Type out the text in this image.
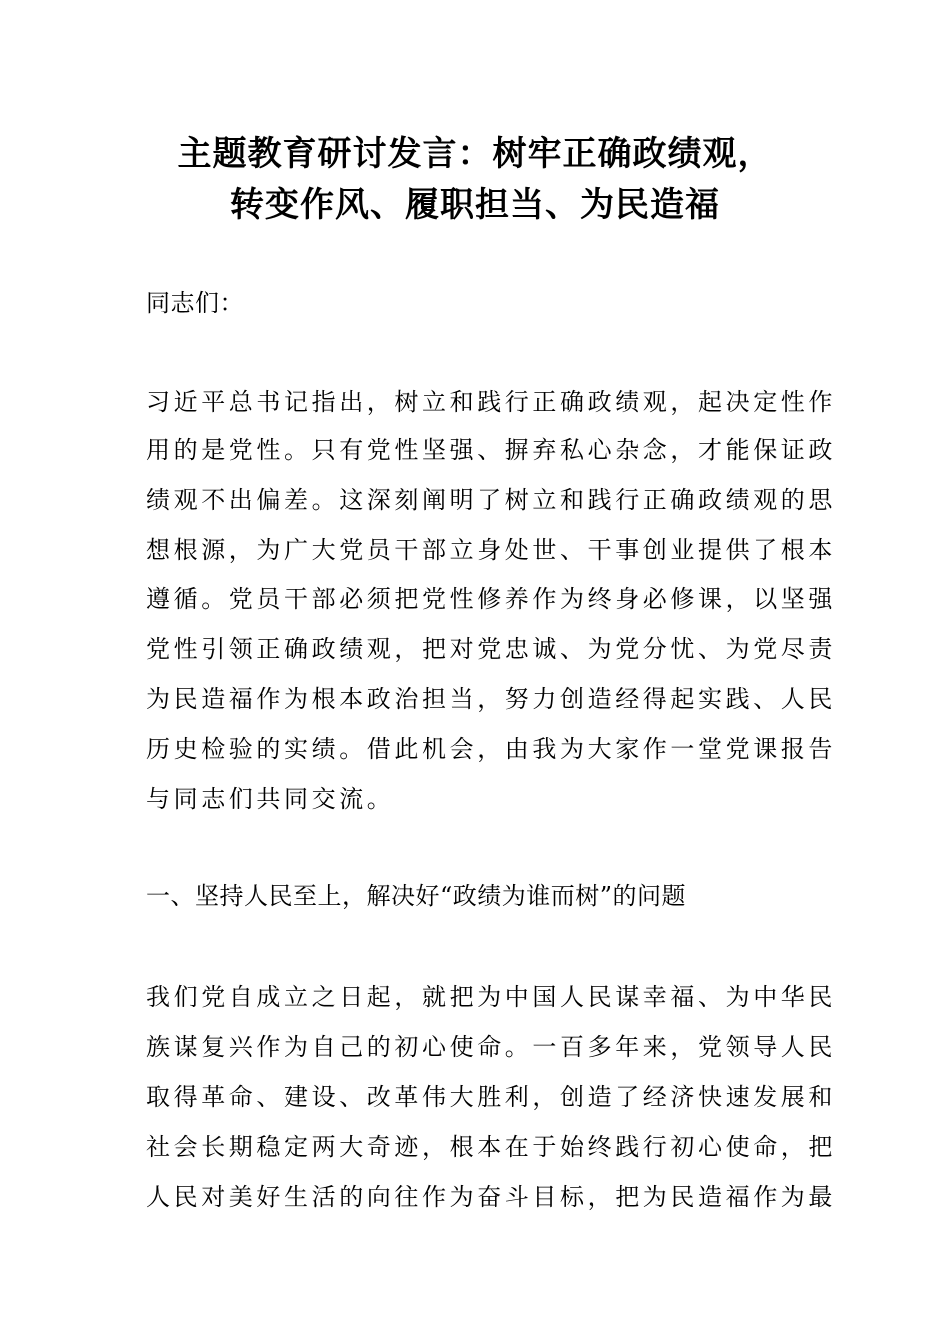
主题教育研讨发言：树牢正确政绩观，
转变作风、履职担当、为民造福
同志们：
习近平总书记指出，树立和践行正确政绩观，起决定性作
用的是党性。只有党性坚强、摒弃私心杂念，才能保证政
绩观不出偏差。这深刻阐明了树立和践行正确政绩观的思
想根源，为广大党员干部立身处世、干事创业提供了根本
遵循。党员干部必须把党性修养作为终身必修课，以坚强
党性引领正确政绩观，把对党忠诚、为党分忧、为党尽责
为民造福作为根本政治担当，努力创造经得起实践、人民
历史检验的实绩。借此机会，由我为大家作一堂党课报告
与同志们共同交流。
一、坚持人民至上，解决好“政绩为谁而树”的问题
我们党自成立之日起，就把为中国人民谋幸福、为中华民
族谋复兴作为自己的初心使命。一百多年来，党领导人民
取得革命、建设、改革伟大胜利，创造了经济快速发展和
社会长期稳定两大奇迹，根本在于始终践行初心使命，把
人民对美好生活的向往作为奋斗目标，把为民造福作为最
